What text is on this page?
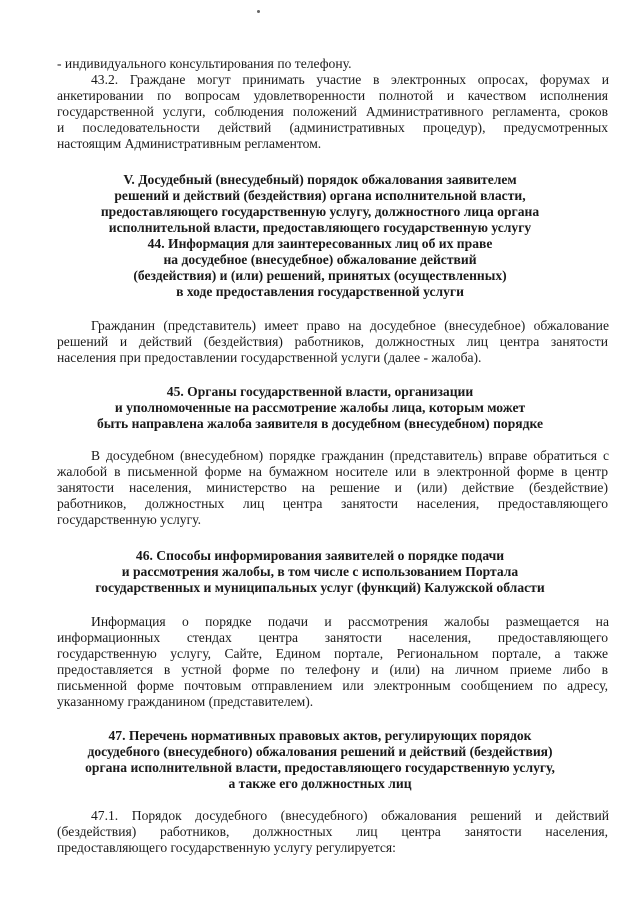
- индивидуального консультирования по телефону.
43.2. Граждане могут принимать участие в электронных опросах, форумах и
анкетировании по вопросам удовлетворенности полнотой и качеством исполнения
государственной услуги, соблюдения положений Административного регламента, сроков
и последовательности действий (административных процедур), предусмотренных
настоящим Административным регламентом.
V. Досудебный (внесудебный) порядок обжалования заявителем
решений и действий (бездействия) органа исполнительной власти,
предоставляющего государственную услугу, должностного лица органа
исполнительной власти, предоставляющего государственную услугу
44. Информация для заинтересованных лиц об их праве
на досудебное (внесудебное) обжалование действий
(бездействия) и (или) решений, принятых (осуществленных)
в ходе предоставления государственной услуги
Гражданин (представитель) имеет право на досудебное (внесудебное) обжалование
решений и действий (бездействия) работников, должностных лиц центра занятости
населения при предоставлении государственной услуги (далее - жалоба).
45. Органы государственной власти, организации
и уполномоченные на рассмотрение жалобы лица, которым может
быть направлена жалоба заявителя в досудебном (внесудебном) порядке
В досудебном (внесудебном) порядке гражданин (представитель) вправе обратиться с
жалобой в письменной форме на бумажном носителе или в электронной форме в центр
занятости населения, министерство на решение и (или) действие (бездействие)
работников, должностных лиц центра занятости населения, предоставляющего
государственную услугу.
46. Способы информирования заявителей о порядке подачи
и рассмотрения жалобы, в том числе с использованием Портала
государственных и муниципальных услуг (функций) Калужской области
Информация о порядке подачи и рассмотрения жалобы размещается на
информационных стендах центра занятости населения, предоставляющего
государственную услугу, Сайте, Едином портале, Региональном портале, а также
предоставляется в устной форме по телефону и (или) на личном приеме либо в
письменной форме почтовым отправлением или электронным сообщением по адресу,
указанному гражданином (представителем).
47. Перечень нормативных правовых актов, регулирующих порядок
досудебного (внесудебного) обжалования решений и действий (бездействия)
органа исполнительной власти, предоставляющего государственную услугу,
а также его должностных лиц
47.1. Порядок досудебного (внесудебного) обжалования решений и действий
(бездействия) работников, должностных лиц центра занятости населения,
предоставляющего государственную услугу регулируется:
